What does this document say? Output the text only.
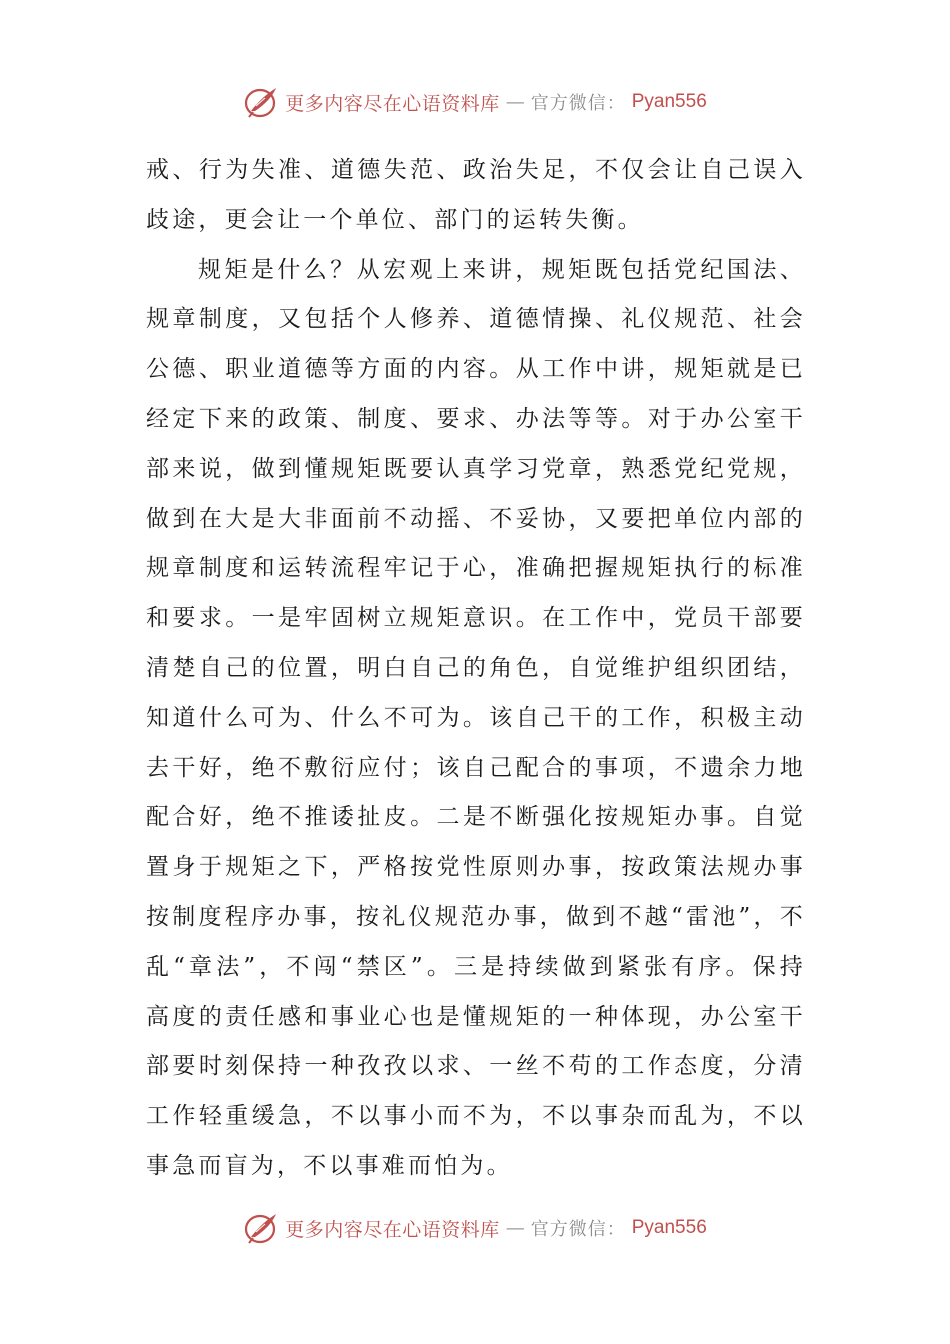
更多内容尽在心语资料库 — 官方微信： Pyan556

戒、行为失准、道德失范、政治失足，不仅会让自己误入歧途，更会让一个单位、部门的运转失衡。

规矩是什么？从宏观上来讲，规矩既包括党纪国法、规章制度，又包括个人修养、道德情操、礼仪规范、社会公德、职业道德等方面的内容。从工作中讲，规矩就是已经定下来的政策、制度、要求、办法等等。对于办公室干部来说，做到懂规矩既要认真学习党章，熟悉党纪党规，做到在大是大非面前不动摇、不妥协，又要把单位内部的规章制度和运转流程牢记于心，准确把握规矩执行的标准和要求。一是牢固树立规矩意识。在工作中，党员干部要清楚自己的位置，明白自己的角色，自觉维护组织团结，知道什么可为、什么不可为。该自己干的工作，积极主动去干好，绝不敷衍应付；该自己配合的事项，不遗余力地配合好，绝不推诿扯皮。二是不断强化按规矩办事。自觉置身于规矩之下，严格按党性原则办事，按政策法规办事按制度程序办事，按礼仪规范办事，做到不越“雷池”，不乱“章法”，不闯“禁区”。三是持续做到紧张有序。保持高度的责任感和事业心也是懂规矩的一种体现，办公室干部要时刻保持一种孜孜以求、一丝不苟的工作态度，分清工作轻重缓急，不以事小而不为，不以事杂而乱为，不以事急而盲为，不以事难而怕为。

更多内容尽在心语资料库 — 官方微信： Pyan556
